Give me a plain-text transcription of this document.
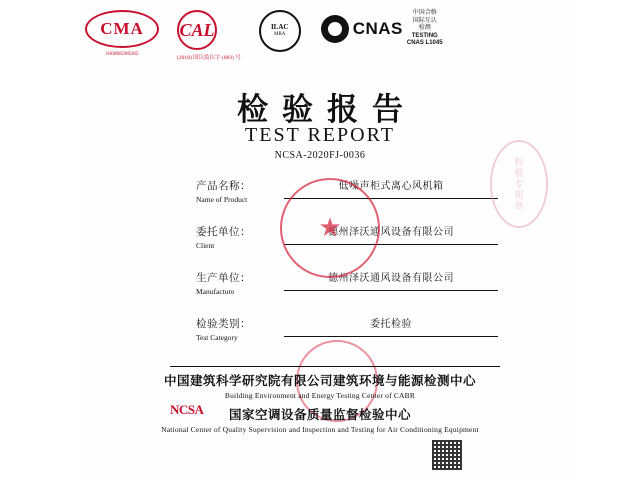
CMA
160008280285
CAL
(2018) 国认监认字 (083) 号
ILAC
MRA	CNAS
中国合格
国际互认
检测
TESTING
CNAS L1045
检验报告
TEST REPORT
NCSA-2020FJ-0036
产品名称：
Name of Product
低噪声柜式离心风机箱
委托单位：
Client
德州泽沃通风设备有限公司
生产单位：
Manufacture
德州泽沃通风设备有限公司
检验类别：
Test Category
委托检验
★
检验专用章
中国建筑科学研究院有限公司建筑环境与能源检测中心
Building Environment and Energy Testing Center of CABR
国家空调设备质量监督检验中心
National Center of Quality Supervision and Inspection and Testing for Air Conditioning Equipment
NCSA
